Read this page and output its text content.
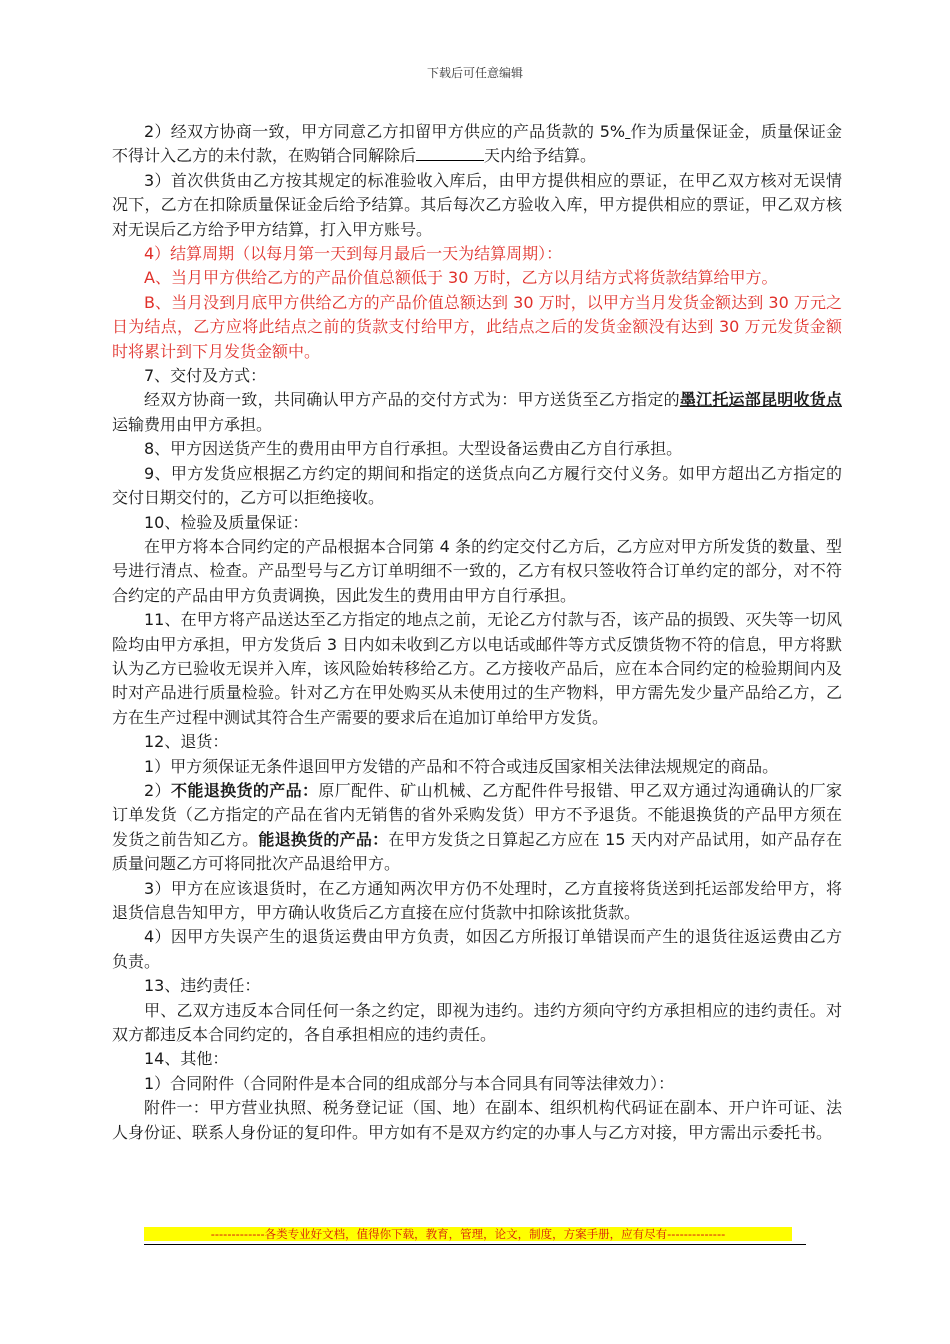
下载后可任意编辑

2）经双方协商一致，甲方同意乙方扣留甲方供应的产品货款的 5% 作为质量保证金，质量保证金不得计入乙方的未付款，在购销合同解除后	天内给予结算。

3）首次供货由乙方按其规定的标准验收入库后，由甲方提供相应的票证，在甲乙双方核对无误情况下，乙方在扣除质量保证金后给予结算。其后每次乙方验收入库，甲方提供相应的票证，甲乙双方核对无误后乙方给予甲方结算，打入甲方账号。

4）结算周期（以每月第一天到每月最后一天为结算周期）：

A、当月甲方供给乙方的产品价值总额低于 30 万时，乙方以月结方式将货款结算给甲方。

B、当月没到月底甲方供给乙方的产品价值总额达到 30 万时，以甲方当月发货金额达到 30 万元之日为结点，乙方应将此结点之前的货款支付给甲方，此结点之后的发货金额没有达到 30 万元发货金额时将累计到下月发货金额中。

7、交付及方式：

经双方协商一致，共同确认甲方产品的交付方式为：甲方送货至乙方指定的墨江托运部昆明收货点运输费用由甲方承担。

8、甲方因送货产生的费用由甲方自行承担。大型设备运费由乙方自行承担。

9、甲方发货应根据乙方约定的期间和指定的送货点向乙方履行交付义务。如甲方超出乙方指定的交付日期交付的，乙方可以拒绝接收。

10、检验及质量保证：

在甲方将本合同约定的产品根据本合同第 4 条的约定交付乙方后，乙方应对甲方所发货的数量、型号进行清点、检查。产品型号与乙方订单明细不一致的，乙方有权只签收符合订单约定的部分，对不符合约定的产品由甲方负责调换，因此发生的费用由甲方自行承担。

11、在甲方将产品送达至乙方指定的地点之前，无论乙方付款与否，该产品的损毁、灭失等一切风险均由甲方承担，甲方发货后 3 日内如未收到乙方以电话或邮件等方式反馈货物不符的信息，甲方将默认为乙方已验收无误并入库，该风险始转移给乙方。乙方接收产品后，应在本合同约定的检验期间内及时对产品进行质量检验。针对乙方在甲处购买从未使用过的生产物料，甲方需先发少量产品给乙方，乙方在生产过程中测试其符合生产需要的要求后在追加订单给甲方发货。

12、退货：

1）甲方须保证无条件退回甲方发错的产品和不符合或违反国家相关法律法规规定的商品。

2）不能退换货的产品：原厂配件、矿山机械、乙方配件件号报错、甲乙双方通过沟通确认的厂家订单发货（乙方指定的产品在省内无销售的省外采购发货）甲方不予退货。不能退换货的产品甲方须在发货之前告知乙方。能退换货的产品：在甲方发货之日算起乙方应在 15 天内对产品试用，如产品存在质量问题乙方可将同批次产品退给甲方。

3）甲方在应该退货时，在乙方通知两次甲方仍不处理时，乙方直接将货送到托运部发给甲方，将退货信息告知甲方，甲方确认收货后乙方直接在应付货款中扣除该批货款。

4）因甲方失误产生的退货运费由甲方负责，如因乙方所报订单错误而产生的退货往返运费由乙方负责。

13、违约责任：

甲、乙双方违反本合同任何一条之约定，即视为违约。违约方须向守约方承担相应的违约责任。对双方都违反本合同约定的，各自承担相应的违约责任。

14、其他：

1）合同附件（合同附件是本合同的组成部分与本合同具有同等法律效力）：

附件一：甲方营业执照、税务登记证（国、地）在副本、组织机构代码证在副本、开户许可证、法人身份证、联系人身份证的复印件。甲方如有不是双方约定的办事人与乙方对接，甲方需出示委托书。

-------------各类专业好文档，值得你下载，教育，管理，论文，制度，方案手册，应有尽有--------------
